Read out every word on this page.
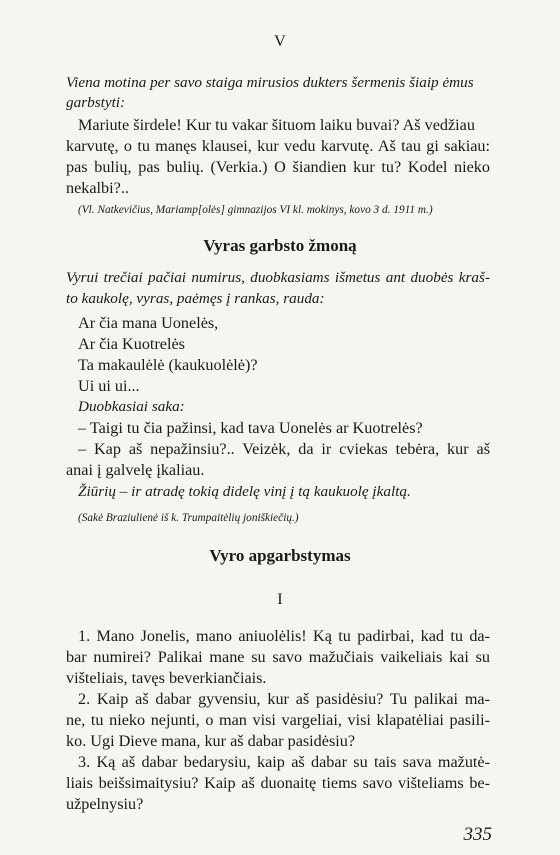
V
Viena motina per savo staiga mirusios dukters šermenis šiaip ėmus
garbstyti:
Mariute širdele! Kur tu vakar šituom laiku buvai? Aš vedžiau
karvutę, o tu manęs klausei, kur vedu karvutę. Aš tau gi sakiau:
pas bulių, pas bulių. (Verkia.) O šiandien kur tu? Kodel nieko
nekalbi?..
(Vl. Natkevičius, Mariamp[olės] gimnazijos VI kl. mokinys, kovo 3 d. 1911 m.)
Vyras garbsto žmoną
Vyrui trečiai pačiai numirus, duobkasiams išmetus ant duobės kraš-
to kaukolę, vyras, paėmęs į rankas, rauda:
Ar čia mana Uonelės,
Ar čia Kuotrelės
Ta makaulėlė (kaukuolėlė)?
Ui ui ui...
Duobkasiai saka:
– Taigi tu čia pažinsi, kad tava Uonelės ar Kuotrelės?
– Kap aš nepažinsiu?.. Veizėk, da ir cviekas tebėra, kur aš
anai į galvelę įkaliau.
Žiūrių – ir atradę tokią didelę vinį į tą kaukuolę įkaltą.
(Sakė Braziulienė iš k. Trumpaitėlių joniškiečių.)
Vyro apgarbstymas
I
1. Mano Jonelis, mano aniuolėlis! Ką tu padirbai, kad tu da-
bar numirei? Palikai mane su savo mažučiais vaikeliais kai su
višteliais, tavęs beverkiančiais.
2. Kaip aš dabar gyvensiu, kur aš pasidėsiu? Tu palikai ma-
ne, tu nieko nejunti, o man visi vargeliai, visi klapatėliai pasili-
ko. Ugi Dieve mana, kur aš dabar pasidėsiu?
3. Ką aš dabar bedarysiu, kaip aš dabar su tais sava mažutė-
liais beišsimaitysiu? Kaip aš duonaitę tiems savo višteliams be-
užpelnysiu?
335
